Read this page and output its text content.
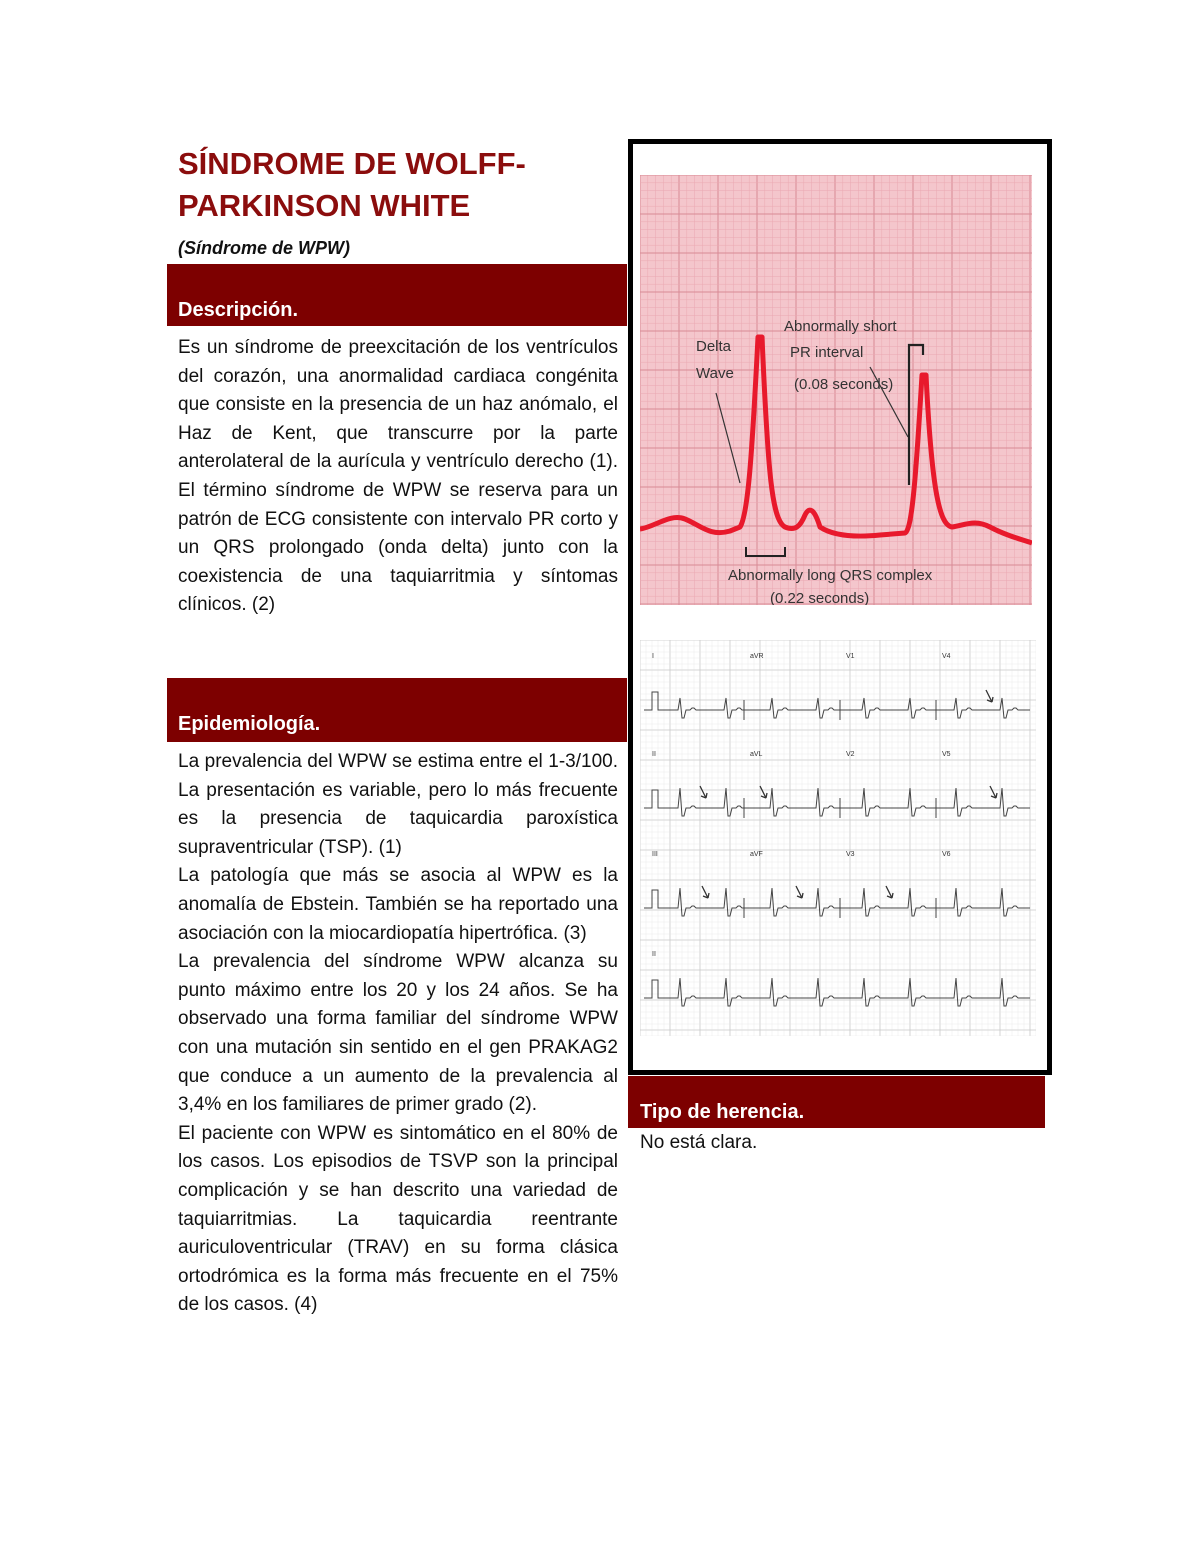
SÍNDROME DE WOLFF-PARKINSON WHITE

(Síndrome de WPW)

Descripción.

Es un síndrome de preexcitación de los ventrículos del corazón, una anormalidad cardiaca congénita que consiste en la presencia de un haz anómalo, el Haz de Kent, que transcurre por la parte anterolateral de la aurícula y ventrículo derecho (1). El término síndrome de WPW se reserva para un patrón de ECG consistente con intervalo PR corto y un QRS prolongado (onda delta) junto con la coexistencia de una taquiarritmia y síntomas clínicos. (2)

Epidemiología.

La prevalencia del WPW se estima entre el 1-3/100. La presentación es variable, pero lo más frecuente es la presencia de taquicardia paroxística supraventricular (TSP). (1)

La patología que más se asocia al WPW es la anomalía de Ebstein. También se ha reportado una asociación con la miocardiopatía hipertrófica. (3)

La prevalencia del síndrome WPW alcanza su punto máximo entre los 20 y los 24 años. Se ha observado una forma familiar del síndrome WPW con una mutación sin sentido en el gen PRAKAG2 que conduce a un aumento de la prevalencia al 3,4% en los familiares de primer grado (2).

El paciente con WPW es sintomático en el 80% de los casos. Los episodios de TSVP son la principal complicación y se han descrito una variedad de taquiarritmias. La taquicardia reentrante auriculoventricular (TRAV) en su forma clásica ortodrómica es la forma más frecuente en el 75% de los casos. (4)

Delta
Wave
Abnormally short
PR interval
(0.08 seconds)
Abnormally long QRS complex
(0.22 seconds)
I	aVR	V1	V4
II	aVL	V2	V5
III	aVF	V3	V6
II

Tipo de herencia.

No está clara.
